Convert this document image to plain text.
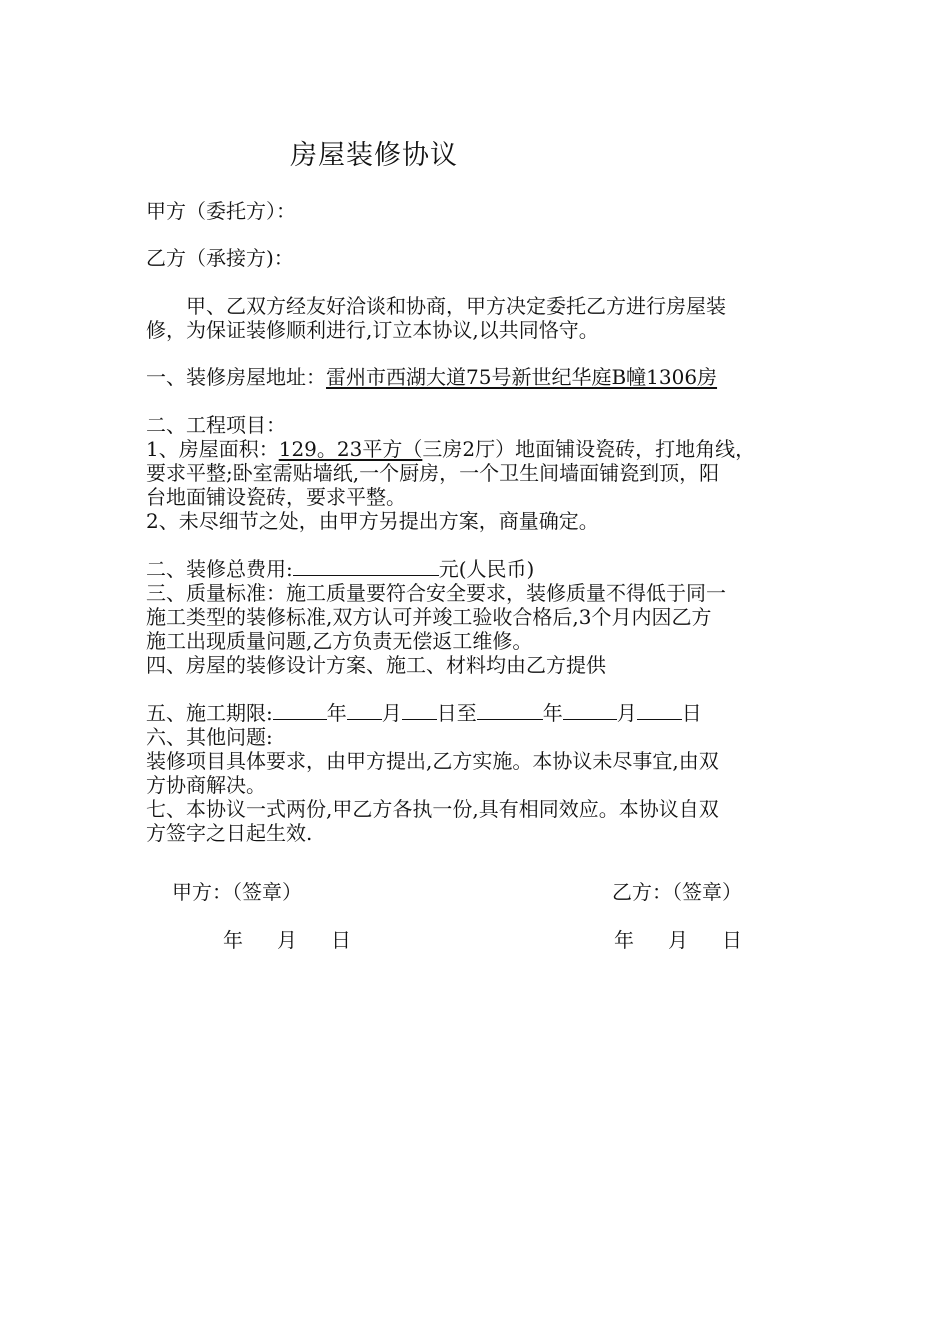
房屋装修协议
甲方（委托方）：
乙方（承接方)：
　　甲、乙双方经友好洽谈和协商，甲方决定委托乙方进行房屋装
修，为保证装修顺利进行,订立本协议,以共同恪守。
一、装修房屋地址：雷州市西湖大道75号新世纪华庭B幢1306房
二、工程项目：
1、房屋面积：129。23平方（三房2厅）地面铺设瓷砖，打地角线，
要求平整;卧室需贴墙纸,一个厨房，一个卫生间墙面铺瓷到顶，阳
台地面铺设瓷砖，要求平整。
2、未尽细节之处，由甲方另提出方案，商量确定。
二、装修总费用:	元(人民币)
三、质量标准：施工质量要符合安全要求，装修质量不得低于同一
施工类型的装修标准,双方认可并竣工验收合格后,3个月内因乙方
施工出现质量问题,乙方负责无偿返工维修。
四、房屋的装修设计方案、施工、材料均由乙方提供
五、施工期限:	年 月 日至	年	月 日
六、其他问题:
装修项目具体要求，由甲方提出,乙方实施。本协议未尽事宜,由双
方协商解决。
七、本协议一式两份,甲乙方各执一份,具有相同效应。本协议自双
方签字之日起生效.
甲方：（签章）	乙方：（签章）
年 月 日	年 月 日
